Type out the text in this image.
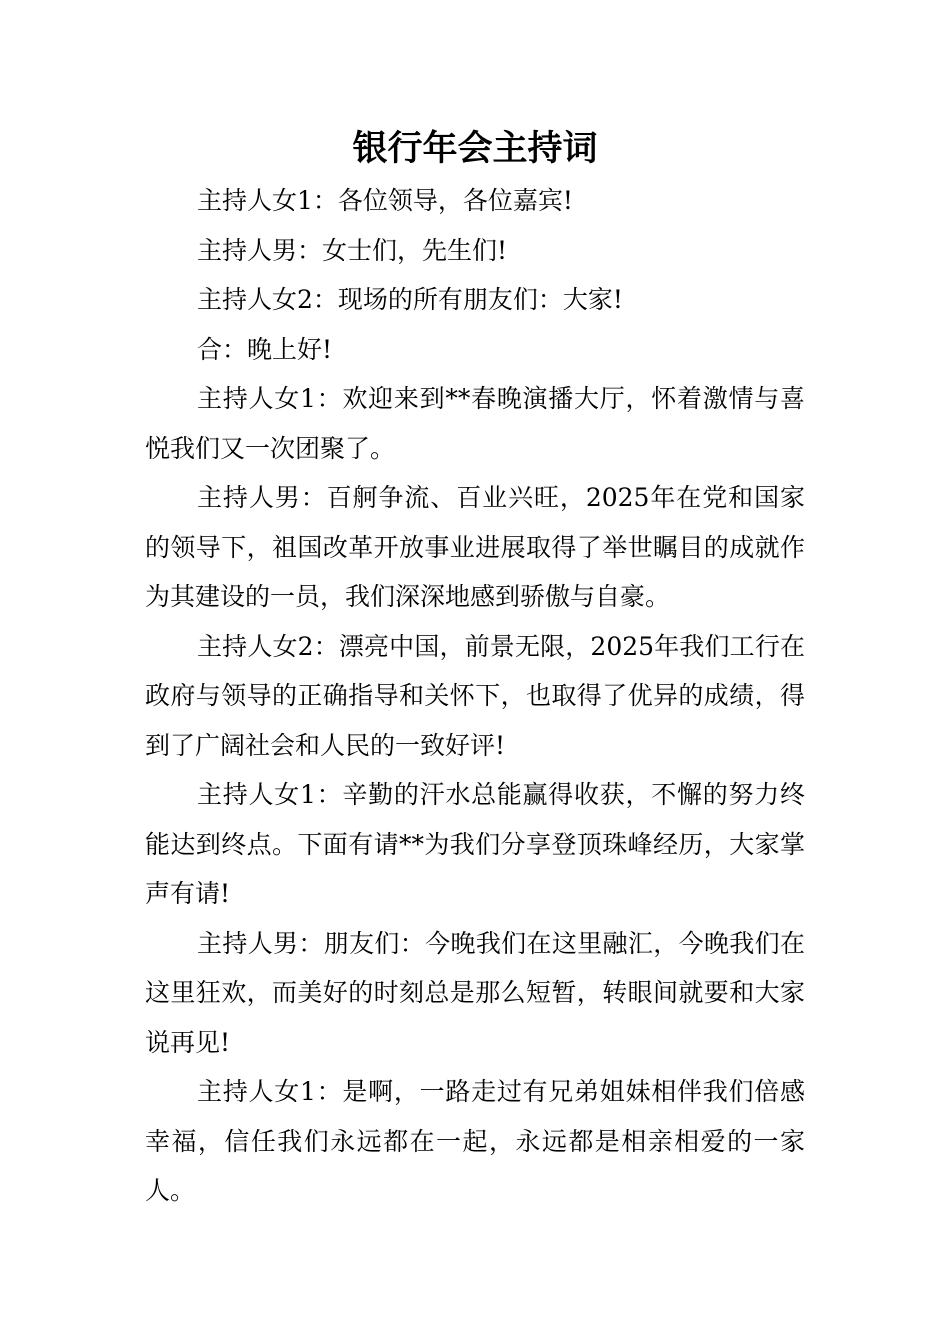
银行年会主持词

主持人女1：各位领导，各位嘉宾!

主持人男：女士们，先生们!

主持人女2：现场的所有朋友们：大家!

合：晚上好!

主持人女1：欢迎来到**春晚演播大厅，怀着激情与喜悦我们又一次团聚了。

主持人男：百舸争流、百业兴旺，2025年在党和国家的领导下，祖国改革开放事业进展取得了举世瞩目的成就作为其建设的一员，我们深深地感到骄傲与自豪。

主持人女2：漂亮中国，前景无限，2025年我们工行在政府与领导的正确指导和关怀下，也取得了优异的成绩，得到了广阔社会和人民的一致好评!

主持人女1：辛勤的汗水总能赢得收获，不懈的努力终能达到终点。下面有请**为我们分享登顶珠峰经历，大家掌声有请!

主持人男：朋友们：今晚我们在这里融汇，今晚我们在这里狂欢，而美好的时刻总是那么短暂，转眼间就要和大家说再见!

主持人女1：是啊，一路走过有兄弟姐妹相伴我们倍感幸福，信任我们永远都在一起，永远都是相亲相爱的一家人。
